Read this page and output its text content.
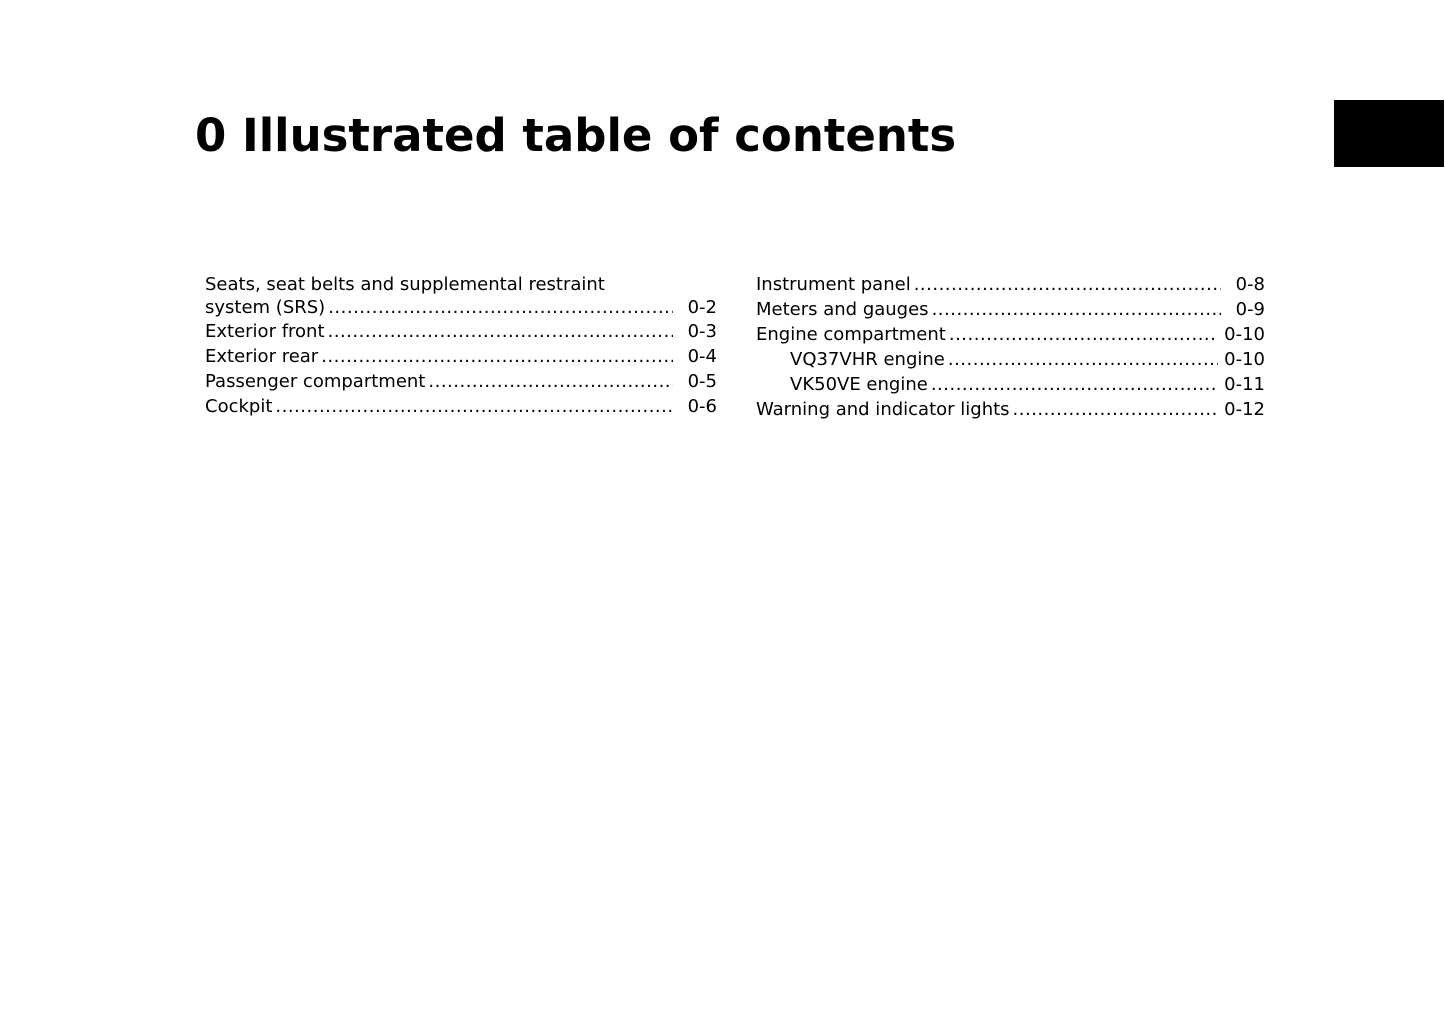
0 Illustrated table of contents
Seats, seat belts and supplemental restraint
system (SRS) .....	0-2
Exterior front .....	0-3
Exterior rear .....	0-4
Passenger compartment .....	0-5
Cockpit .....	0-6
Instrument panel .....	0-8
Meters and gauges .....	0-9
Engine compartment .....	0-10
VQ37VHR engine .....	0-10
VK50VE engine .....	0-11
Warning and indicator lights .....	0-12
